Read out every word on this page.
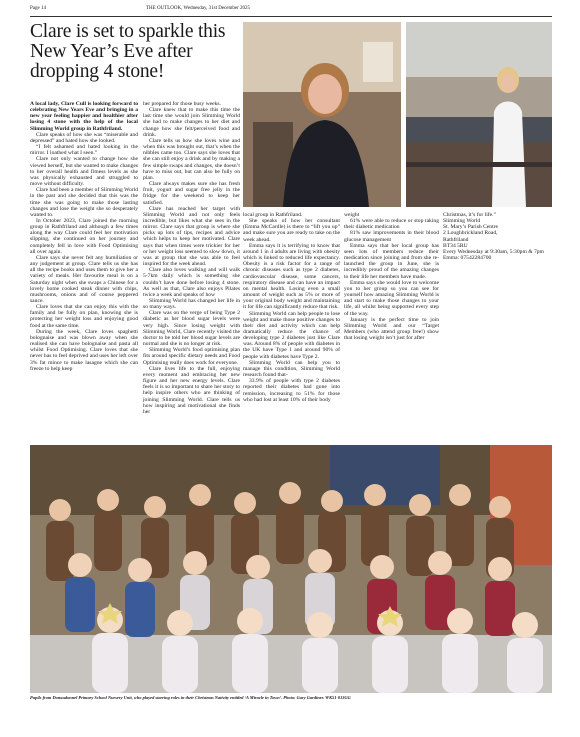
Page 14	THE OUTLOOK, Wednesday, 31st December 2025
Clare is set to sparkle this New Year’s Eve after dropping 4 stone!

A local lady, Clare Cull is looking forward to celebrating New Years Eve and bringing in a new year feeling happier and healthier after losing 4 stone with the help of the local Slimming World group in Rathfriland.

Clare speaks of how she was “miserable and depressed” and hated how she looked.

“I felt ashamed and hated looking in the mirror. I loathed what I seen.”

Clare not only wanted to change how she viewed herself, but she wanted to make changes to her overall health and fitness levels as she was physically exhausted and struggled to move without difficulty.

Clare had been a member of Slimming World in the past and she decided that this was the time she was going to make those lasting changes and lose the weight she so desperately wanted to.

In October 2023, Clare joined the morning group in Rathfriland and although a few times along the way Clare could feel her motivation slipping, she continued on her journey and completely fell in love with Food Optimising all over again.

Clare says she never felt any humiliation or any judgement at group. Clare tells us she has all the recipe books and uses them to give her a variety of meals. Her favourite meal is on a Saturday night when she swaps a Chinese for a lovely home cooked steak dinner with chips, mushrooms, onions and of course peppered sauce.

Clare loves that she can enjoy this with the family and be fully on plan, knowing she is protecting her weight loss and enjoying good food at the same time.

During the week, Clare loves spaghetti bolognaise and was blown away when she realised she can have bolognaise and pasta all whilst Food Optimising. Clare loves that she never has to feel deprived and uses her left over 3% fat mince to make lasagne which she can freeze to help keep

her prepared for those busy weeks.

Clare knew that to make this time the last time she would join Slimming World she had to make changes to her diet and change how she felt/perceived food and drink.

Clare tells us how she loves wine and when this was brought out, that’s when the nibbles came too. Clare says she loves that she can still enjoy a drink and by making a few simple swaps and changes, she doesn’t have to miss out, but can also be fully on plan.

Clare always makes sure she has fresh fruit, yogurt and sugar free jelly in the fridge for the weekend to keep her satisfied.

Clare has reached her target with Slimming World and not only feels incredible, but likes what she sees in the mirror. Clare says that group is where she picks up lots of tips, recipes and advice which helps to keep her motivated. Clare says that when times were trickier for her or her weight loss seemed to slow down, it was at group that she was able to feel inspired for the week ahead.

Clare also loves walking and will walk 5-7km daily which is something she couldn’t have done before losing 4 stone. As well as that, Clare also enjoys Pilates twice a week and speaks of how

Slimming World has changed her life in so many ways.

Clare was on the verge of being Type 2 diabetic as her blood sugar levels were very high. Since losing weight with Slimming World, Clare recently visited the doctor to be told her blood sugar levels are normal and she is no longer at risk.

Slimming World’s food optimising plan fits around specific dietary needs and Food Optimising really does work for everyone.

Clare lives life to the full, enjoying every moment and embracing her new figure and her new energy levels. Clare feels it is so important to share her story to help inspire others who are thinking of joining Slimming World. Clare tells us how inspiring and motivational she finds her

local group in Rathfriland.

She speaks of how her consultant (Emma McCardle) is there to “lift you up” and make sure you are ready to take on the week ahead.

Emma says it is terrifying to know that around 1 in 4 adults are living with obesity which is linked to reduced life expectancy. Obesity is a risk factor for a range of chronic diseases such as type 2 diabetes, cardiovascular disease, some cancers, respiratory disease and can have an impact on mental health. Losing even a small amount of weight such as 5% or more of your original body weight and maintaining it for life can significantly reduce that risk.

Slimming World can help people to lose weight and make those positive changes to their diet and activity which can help dramatically reduce the chance of developing type 2 diabetes just like Clare was. Around 8% of people with diabetes in the UK have Type 1 and around 90% of people with diabetes have Type 2.

Slimming World can help you to manage this condition, Slimming World research found that-

33.9% of people with type 2 diabetes reported their diabetes had gone into remission, increasing to 51% for those who had lost at least 10% of their body

weight

61% were able to reduce or stop taking their diabetic medication

81% saw improvements in their blood glucose management

Emma says that her local group has seen lots of members reduce their medication since joining and from she re-launched the group in June, she is incredibly proud of the amazing changes to their life her members have made.

Emma says she would love to welcome you to her group so you can see for yourself how amazing Slimming World is and start to make those changes to your life, all whilst being supported every step of the way.

January is the perfect time to join Slimming World and our “Target Members (who attend group free!) show that losing weight isn’t just for after

Christmas, it’s for life.”

Slimming World
St. Mary’s Parish Centre
2 Loughbrickland Road,
Rathfriland
BT34 5RU
Every Wednesday at 9:30am, 5:30pm & 7pm
Emma: 07542284700

Pupils from Donaudonnel Primary School Nursery Unit, who played starring roles in their Christmas Nativity entitled ‘A Miracle in Town’. Photo: Gary Gardiner. WK51-013GG
